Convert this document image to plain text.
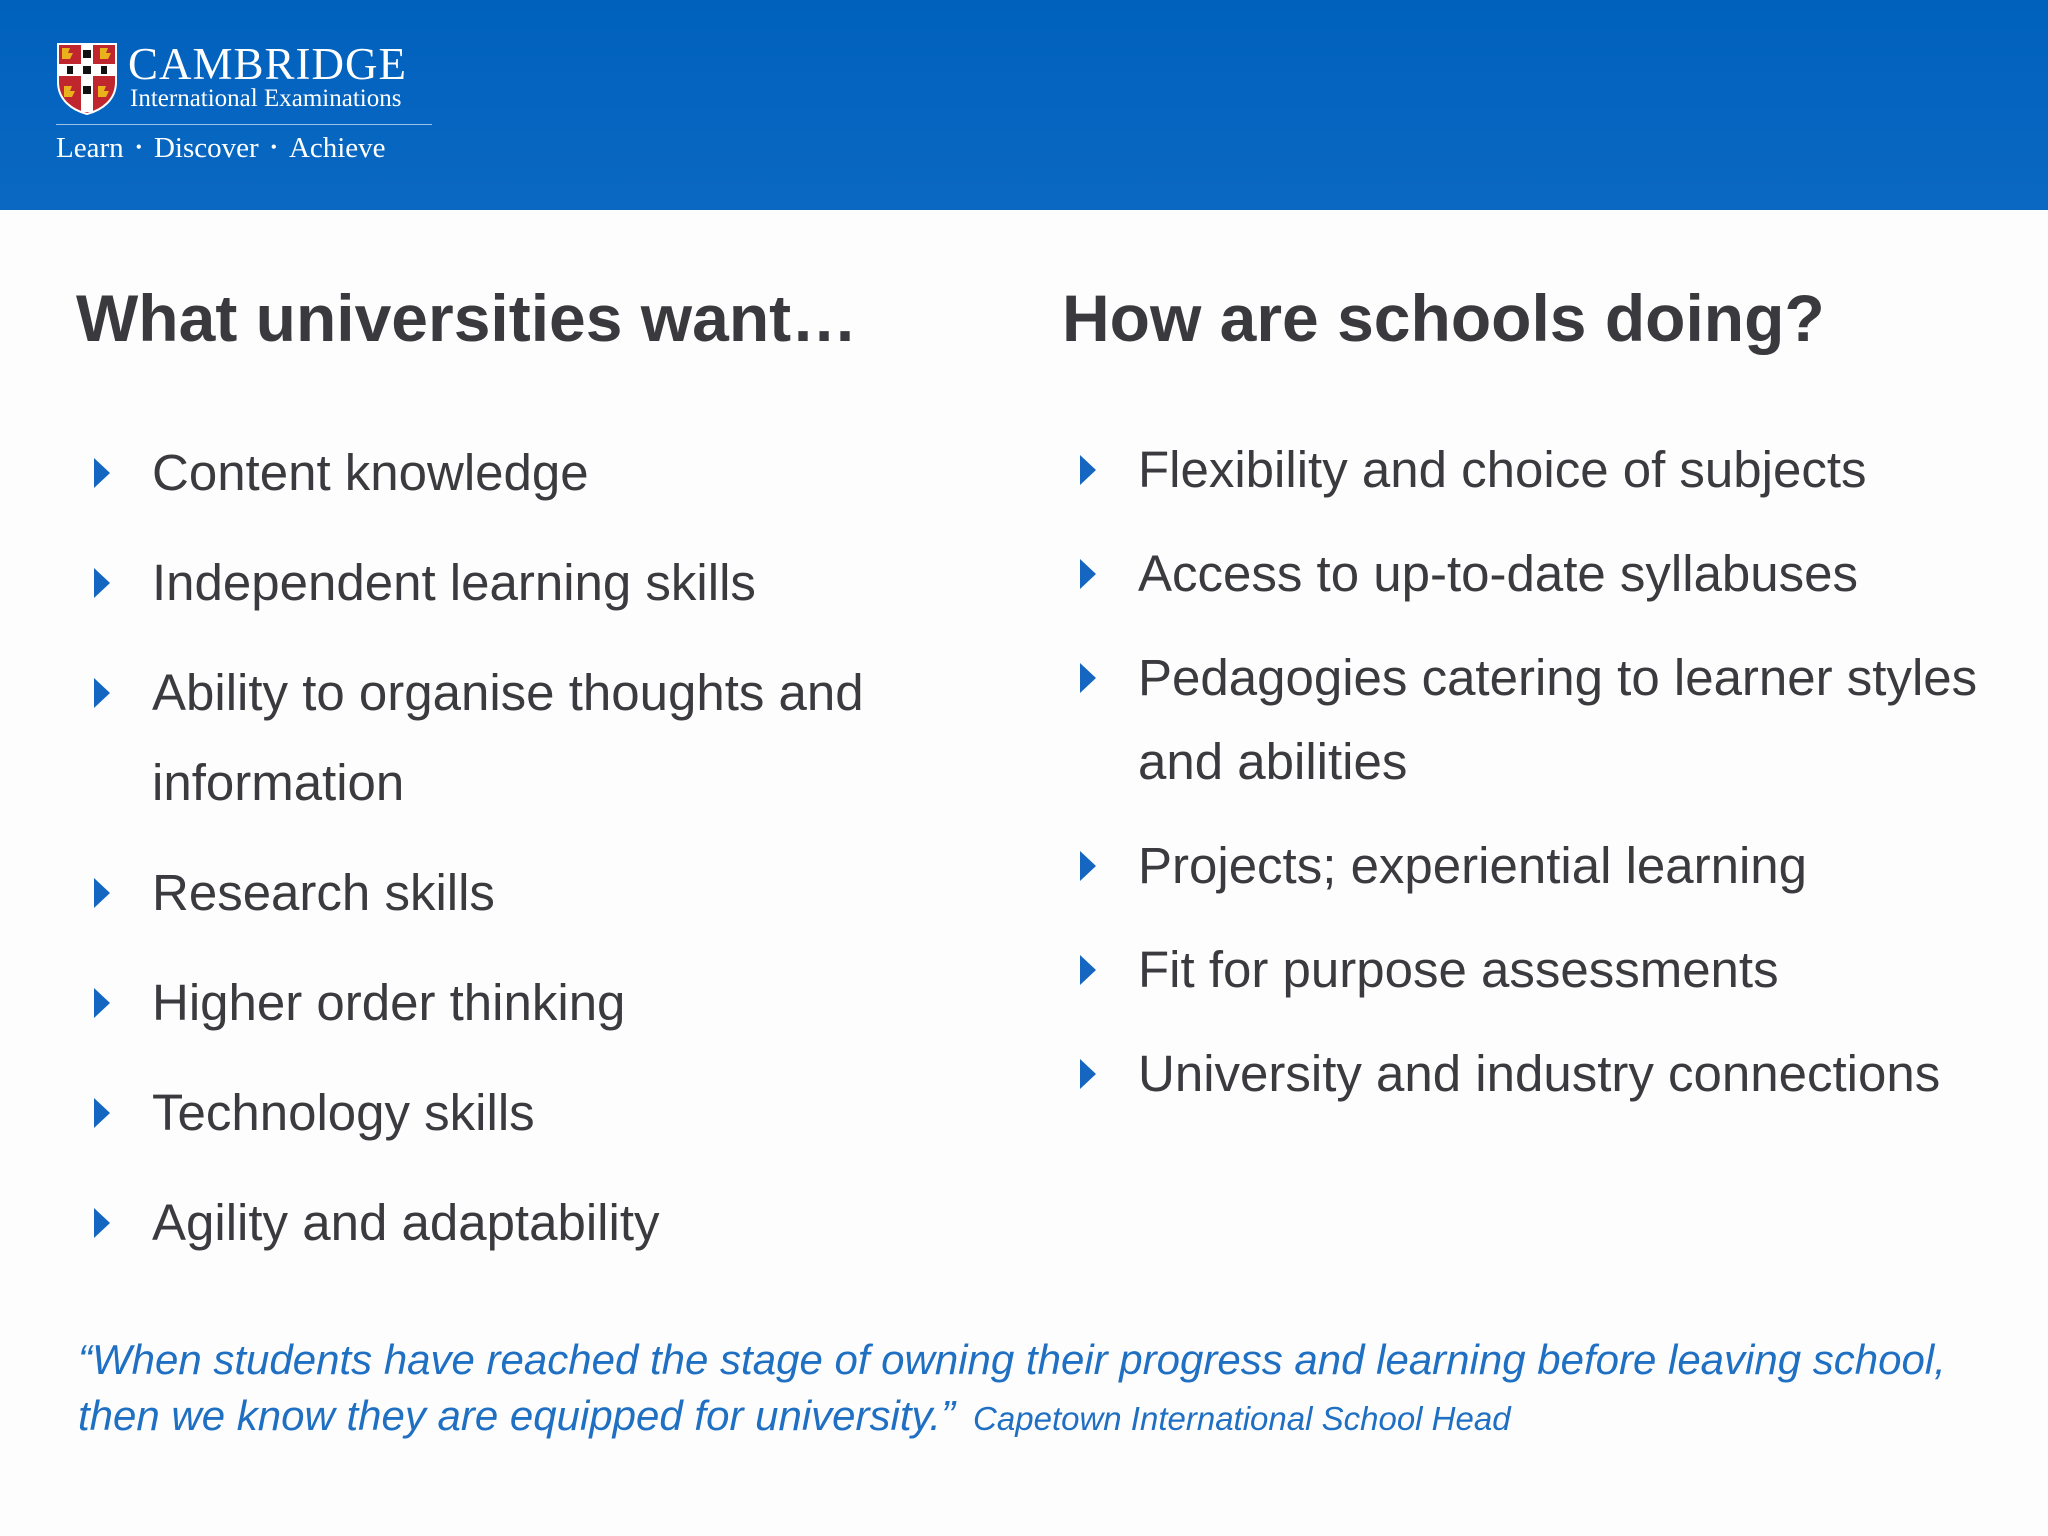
CAMBRIDGE
International Examinations
Learn • Discover • Achieve
What universities want…	How are schools doing?
Content knowledge
Independent learning skills
Ability to organise thoughts and information
Research skills
Higher order thinking
Technology skills
Agility and adaptability
Flexibility and choice of subjects
Access to up-to-date syllabuses
Pedagogies catering to learner styles and abilities
Projects; experiential learning
Fit for purpose assessments
University and industry connections

“When students have reached the stage of owning their progress and learning before leaving school, then we know they are equipped for university.” Capetown International School Head
